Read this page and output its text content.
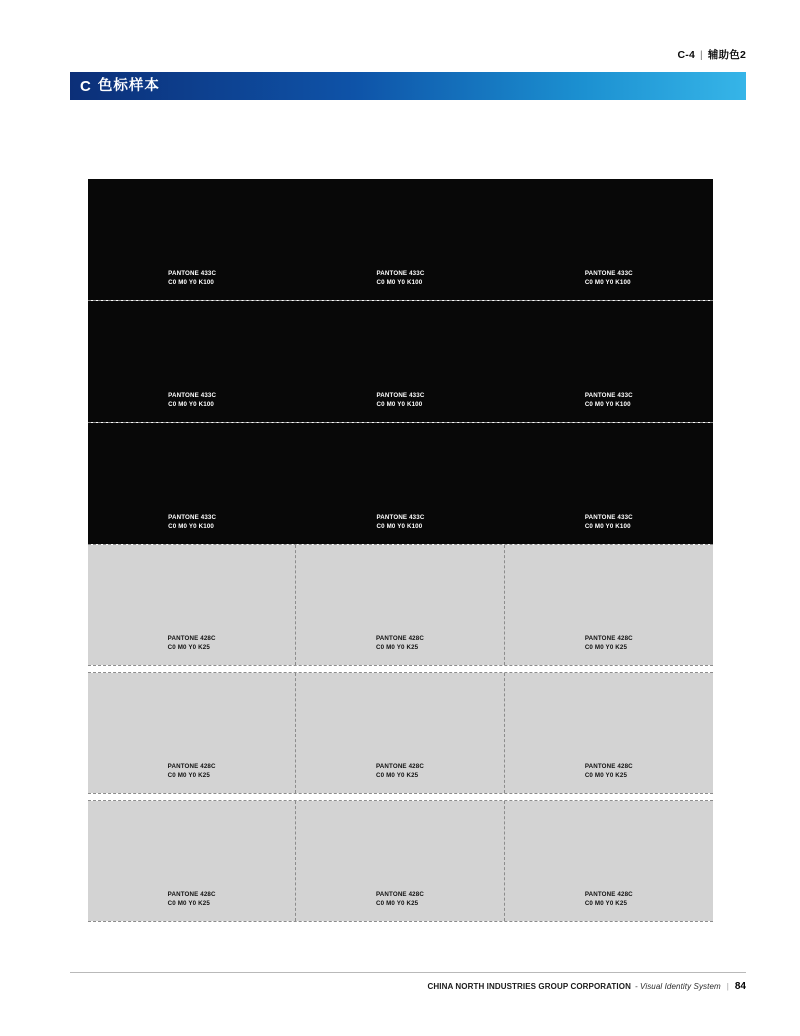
C-4 | 辅助色2
C 色标样本
PANTONE 433C
C0 M0 Y0 K100
PANTONE 433C
C0 M0 Y0 K100
PANTONE 433C
C0 M0 Y0 K100
PANTONE 433C
C0 M0 Y0 K100
PANTONE 433C
C0 M0 Y0 K100
PANTONE 433C
C0 M0 Y0 K100
PANTONE 433C
C0 M0 Y0 K100
PANTONE 433C
C0 M0 Y0 K100
PANTONE 433C
C0 M0 Y0 K100
PANTONE 428C
C0 M0 Y0 K25
PANTONE 428C
C0 M0 Y0 K25
PANTONE 428C
C0 M0 Y0 K25
PANTONE 428C
C0 M0 Y0 K25
PANTONE 428C
C0 M0 Y0 K25
PANTONE 428C
C0 M0 Y0 K25
PANTONE 428C
C0 M0 Y0 K25
PANTONE 428C
C0 M0 Y0 K25
PANTONE 428C
C0 M0 Y0 K25
CHINA NORTH INDUSTRIES GROUP CORPORATION - Visual Identity System | 84
